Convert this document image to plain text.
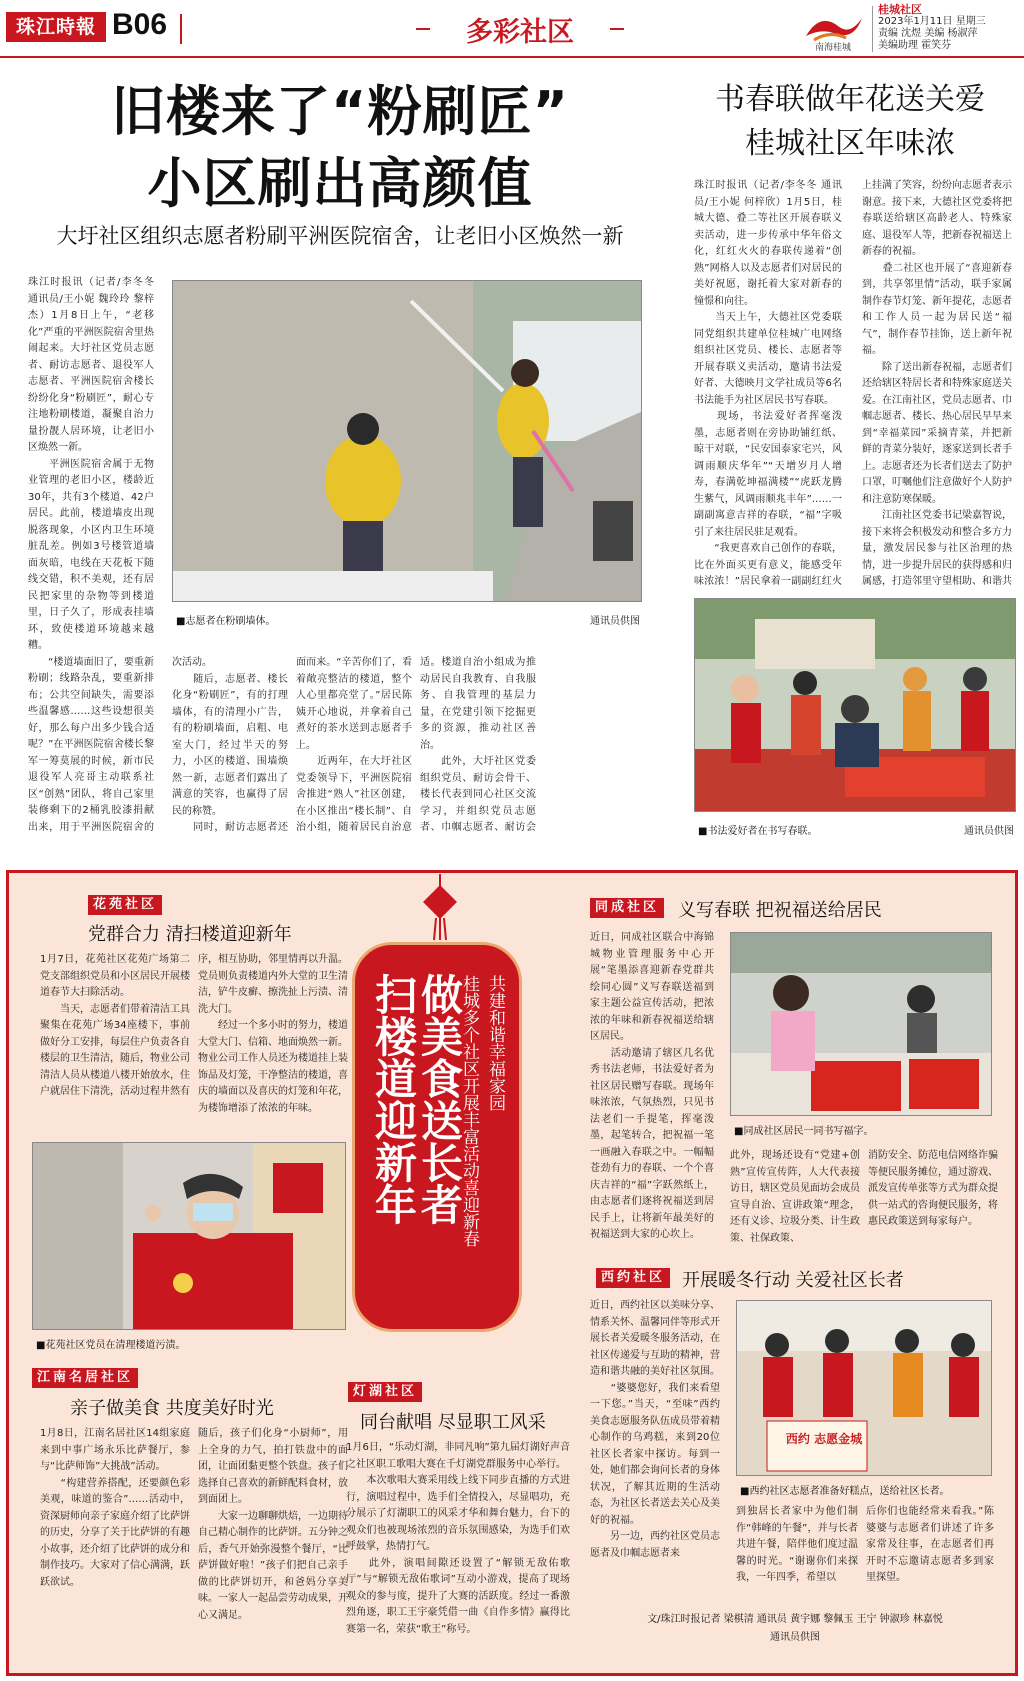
珠江時報 B06	多彩社区	南海桂城
桂城社区
2023年1月11日 星期三
责编 沈煜 美编 杨淑萍
美编助理 霍笑芬
旧楼来了“粉刷匠”
小区刷出高颜值
大圩社区组织志愿者粉刷平洲医院宿舍，让老旧小区焕然一新
珠江时报讯（记者/李冬冬 通讯员/王小妮 魏玲玲 黎梓杰）1月8日上午，“老移化”严重的平洲医院宿舍里热闹起来。大圩社区党员志愿者、耐访志愿者、退役军人志愿者、平洲医院宿舍楼长纷纷化身“粉刷匠”，耐心专注地粉刷楼道，凝聚自治力量扮靓人居环境，让老旧小区焕然一新。
　　平洲医院宿舍属于无物业管理的老旧小区，楼龄近30年，共有3个楼道、42户居民。此前，楼道墙皮出现脱落现象，小区内卫生环境脏乱差。例如3号楼管道墙面灰暗，电线在天花板下随线交错，积不美观，还有居民把家里的杂物等到楼道里，日子久了，形成表挂墙环，致使楼道环境越来越糟。
　　“楼道墙面旧了，要重新粉刷；线路杂乱，要重新排布；公共空间缺失，需要添些温馨感……这些设想很美好，那么每户出多少钱合适呢？”在平洲医院宿舍楼长黎军一筹莫展的时候，新市民退役军人亮哥主动联系社区“创熟”团队，将自己家里装修剩下的2桶乳胶漆捐献出来，用于平洲医院宿舍的
■志愿者在粉刷墙体。	通讯员供图
次活动。
　　随后，志愿者、楼长化身“粉刷匠”，有的打理墙体，有的清理小广告，有的粉刷墙面，启粗、电室大门，经过半天的努力，小区的楼道、围墙焕然一新，志愿者们露出了满意的笑容，也赢得了居民的称赞。
　　同时，耐访志愿者还
面而来。“辛苦你们了，看着敞亮整洁的楼道，整个人心里都亮堂了。”居民陈姨开心地说，并拿着自己煮好的茶水送到志愿者手上。
　　近两年，在大圩社区党委领导下，平洲医院宿舍推进“熟人”社区创建，在小区推出“楼长制”、自治小组，随着居民自治意
适。楼道自治小组成为推动居民自我教育、自我服务、自我管理的基层力量，在党建引领下挖掘更多的资源，推动社区善治。
　　此外，大圩社区党委组织党员、耐访会骨干、楼长代表到同心社区交流学习，并组织党员志愿者、巾帼志愿者、耐访会
书春联做年花送关爱
桂城社区年味浓
珠江时报讯（记者/李冬冬 通讯员/王小妮 何梓欣）1月5日，桂城大德、叠二等社区开展春联义卖活动，进一步传承中华年俗文化，红红火火的春联传递着“创熟”网格人以及志愿者们对居民的美好祝愿，谢托着大家对新春的憧憬和向往。
　　当天上午，大德社区党委联同党组织共建单位桂城广电网络组织社区党员、楼长、志愿者等开展春联义卖活动，邀请书法爱好者、大德映月文学社成员等6名书法能手为社区居民书写春联。
　　现场，书法爱好者挥毫泼墨，志愿者则在旁协助铺红纸、晾干对联，“民安国泰家宅兴，风调雨顺庆华年”“天增岁月人增寿，春满乾坤福满楼”“虎跃龙腾生紫气，风调雨顺兆丰年”……一副副寓意吉祥的春联，“福”字吸引了来往居民驻足观看。
　　“我更喜欢自己创作的春联，比在外面买更有意义，能感受年味浓浓！”居民拿着一副副红红火
上挂满了笑容，纷纷向志愿者表示谢意。接下来，大德社区党委将把春联送给辖区高龄老人、特殊家庭、退役军人等，把新春祝福送上新春的祝福。
　　叠二社区也开展了“喜迎新春到，共享邻里情”活动，联手家属制作春节灯笼、新年提花，志愿者和工作人员一起为居民送“福气”，制作春节挂饰，送上新年祝福。
　　除了送出新春祝福，志愿者们还给辖区特居长者和特殊家庭送关爱。在江南社区，党员志愿者、巾帼志愿者、楼长、热心居民早早来到“幸福菜园”采摘青菜，并把新鲜的青菜分装好，逐家送到长者手上。志愿者还为长者们送去了防护口罩，叮嘱他们注意做好个人防护和注意防寒保暖。
　　江南社区党委书记梁嘉智说，接下来将会积极发动和整合多方力量，激发居民参与社区治理的热情，进一步提升居民的获得感和归属感，打造邻里守望相助、和谐共
■书法爱好者在书写春联。	通讯员供图
共建和谐幸福家园
桂城多个社区开展丰富活动喜迎新春
做美食送长者
扫楼道迎新年
花苑社区
党群合力 清扫楼道迎新年
1月7日，花苑社区花苑广场第二党支部组织党员和小区居民开展楼道春节大扫除活动。
　　当天，志愿者们带着清洁工具聚集在花苑广场34座楼下，事前做好分工安排，每层住户负责各自楼层的卫生清洁，随后，物业公司清洁人员从楼道八楼开始放水，住户就居住下清洗，活动过程井然有
序，相互协助，邻里情再以升温。党员则负责楼道内外大堂的卫生清洁，铲牛皮癣、擦洗扯上污渍、清洗大门。
　　经过一个多小时的努力，楼道大堂大门、信箱、地面焕然一新。物业公司工作人员还为楼道挂上装饰品及灯笼，干净整洁的楼道，喜庆的墙面以及喜庆的灯笼和年花，为楼饰增添了浓浓的年味。
■花苑社区党员在清理楼道污渍。
江南名居社区
亲子做美食 共度美好时光
1月8日，江南名居社区14组家庭来到中事广场永乐比萨餐厅，参与“比萨师饰”大挑战”活动。
　　“构建营养搭配，还要颜色彩美观，味道的鉴合”……活动中，资深厨师向亲子家庭介绍了比萨饼的历史，分享了关于比萨饼的有趣小故事，还介绍了比萨饼的成分和制作技巧。大家对了信心满满，跃跃欲试。
随后，孩子们化身“小厨师”，用上全身的力气，拍打铁盘中的面团，让面团黏更整个铁盘。孩子们选择自己喜欢的新鲜配料食材，放到面团上。
　　大家一边聊聊烘焙，一边期待自己精心制作的比萨饼。五分钟之后，香气开始弥漫整个餐厅，“比萨饼做好啦！”孩子们把自己亲手做的比萨饼切开，和爸妈分享美味。一家人一起品尝劳动成果，开心又满足。
灯湖社区
同台献唱 尽显职工风采
1月6日，“乐动灯湖，非同凡响”第九届灯湖好声音之社区职工歌唱大赛在千灯湖党群服务中心举行。
　　本次歌唱大赛采用线上线下同步直播的方式进行，演唱过程中，选手们全情投入，尽显唱功，充分展示了灯湖职工的风采才华和舞台魅力，台下的观众们也被现场浓烈的音乐氛围感染，为选手们欢呼鼓掌，热情打气。
　　此外，演唱间隙还设置了“解锁无敌佑歌厅”与“解锁无敌佑歌词”互动小游戏，提高了现场观众的参与度，提升了大赛的活跃度。经过一番激烈角逐，职工王宇豪凭借一曲《自作多情》赢得比赛第一名，荣获“歌王”称号。
同成社区 义写春联 把祝福送给居民
近日，同成社区联合中海锦城物业管理服务中心开展“笔墨添喜迎新春党群共绘同心圆”义写春联送福到家主题公益宣传活动，把浓浓的年味和新春祝福送给辖区居民。
　　活动邀请了辖区几名优秀书法老师，书法爱好者为社区居民赠写春联。现场年味浓浓，气氛热烈，只见书法老们一手提笔，挥毫泼墨，起笔转合，把祝福一笔一画融入春联之中。一幅幅苍劲有力的春联、一个个喜庆吉祥的“福”字跃然纸上，由志愿者们逐将祝福送到居民手上，让将新年最美好的祝福送到大家的心坎上。
■同成社区居民一同书写福字。
此外，现场还设有“党建+创熟”宣传宣传阵，人大代表接访日，辖区党员见面坊会成员宣导自治、宣讲政策“理念，还有义诊、垃圾分类、计生政策、社保政策、
消防安全、防范电信网络诈骗等便民服务摊位，通过游戏、派发宣传单张等方式为群众提供一站式的咨询便民服务，将惠民政策送到每家每户。
西约社区 开展暖冬行动 关爱社区长者
近日，西约社区以美味分享、情系关怀、温馨同伴等形式开展长者关爱暖冬服务活动，在社区传递爱与互助的精神，营造和谐共融的美好社区氛围。
　　“婆婆您好，我们来看望一下您。”当天，“至味”西约美食志愿服务队伍成员带着精心制作的乌鸡糕，来到20位社区长者家中探访。每到一处，她们都会询问长者的身体状况，了解其近期的生活动态，为社区长者送去关心及美好的祝福。
　　另一边，西约社区党员志愿者及巾帼志愿者来
西约 志愿金城
■西约社区志愿者准备好糕点，送给社区长者。
到独居长者家中为他们制作“韩峰的午餐”，并与长者共进午餐，陪伴他们度过温馨的时光。“谢谢你们来探我，一年四季，希望以
后你们也能经常来看我。”陈婆婆与志愿者们讲述了许多家常及往事，在志愿者们再开时不忘邀请志愿者多到家里探望。
文/珠江时报记者 梁棋清 通讯员 黄宇娜 黎佩玉 王宁 钟淑珍 林嘉悦
通讯员供图
